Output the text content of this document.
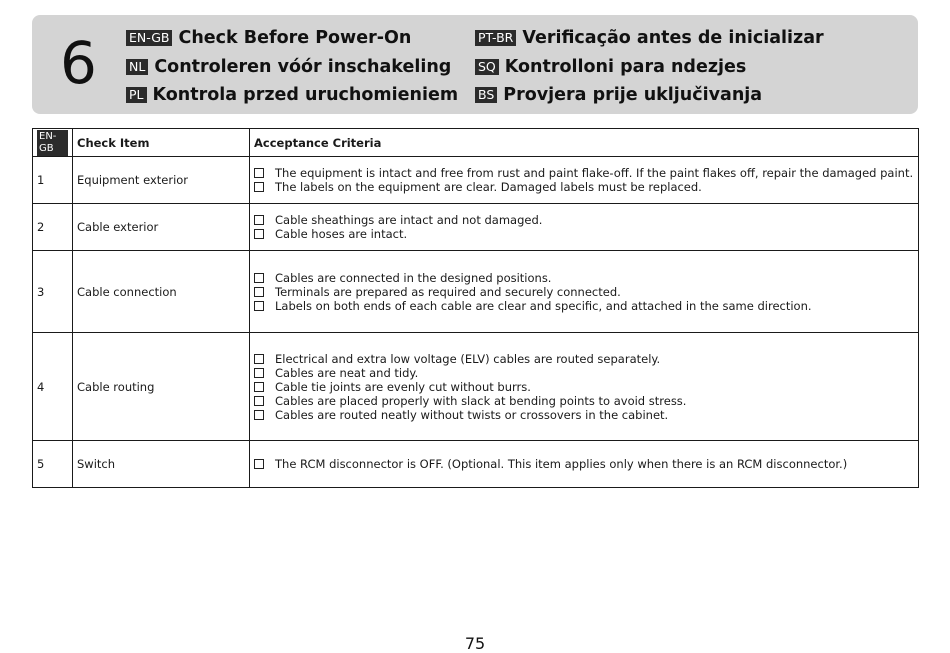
6	EN-GB Check Before Power-On
NL Controleren vóór inschakeling
PL Kontrola przed uruchomieniem
PT-BR Verificação antes de inicializar
SQ Kontrolloni para ndezjes
BS Provjera prije uključivanja
EN-GB	Check Item	Acceptance Criteria
1	Equipment exterior	The equipment is intact and free from rust and paint flake-off. If the paint flakes off, repair the damaged paint.
The labels on the equipment are clear. Damaged labels must be replaced.

2	Cable exterior	Cable sheathings are intact and not damaged.
Cable hoses are intact.

3	Cable connection	Cables are connected in the designed positions.
Terminals are prepared as required and securely connected.
Labels on both ends of each cable are clear and specific, and attached in the same direction.

4	Cable routing	Electrical and extra low voltage (ELV) cables are routed separately.
Cables are neat and tidy.
Cable tie joints are evenly cut without burrs.
Cables are placed properly with slack at bending points to avoid stress.
Cables are routed neatly without twists or crossovers in the cabinet.

5	Switch	The RCM disconnector is OFF. (Optional. This item applies only when there is an RCM disconnector.)
75
